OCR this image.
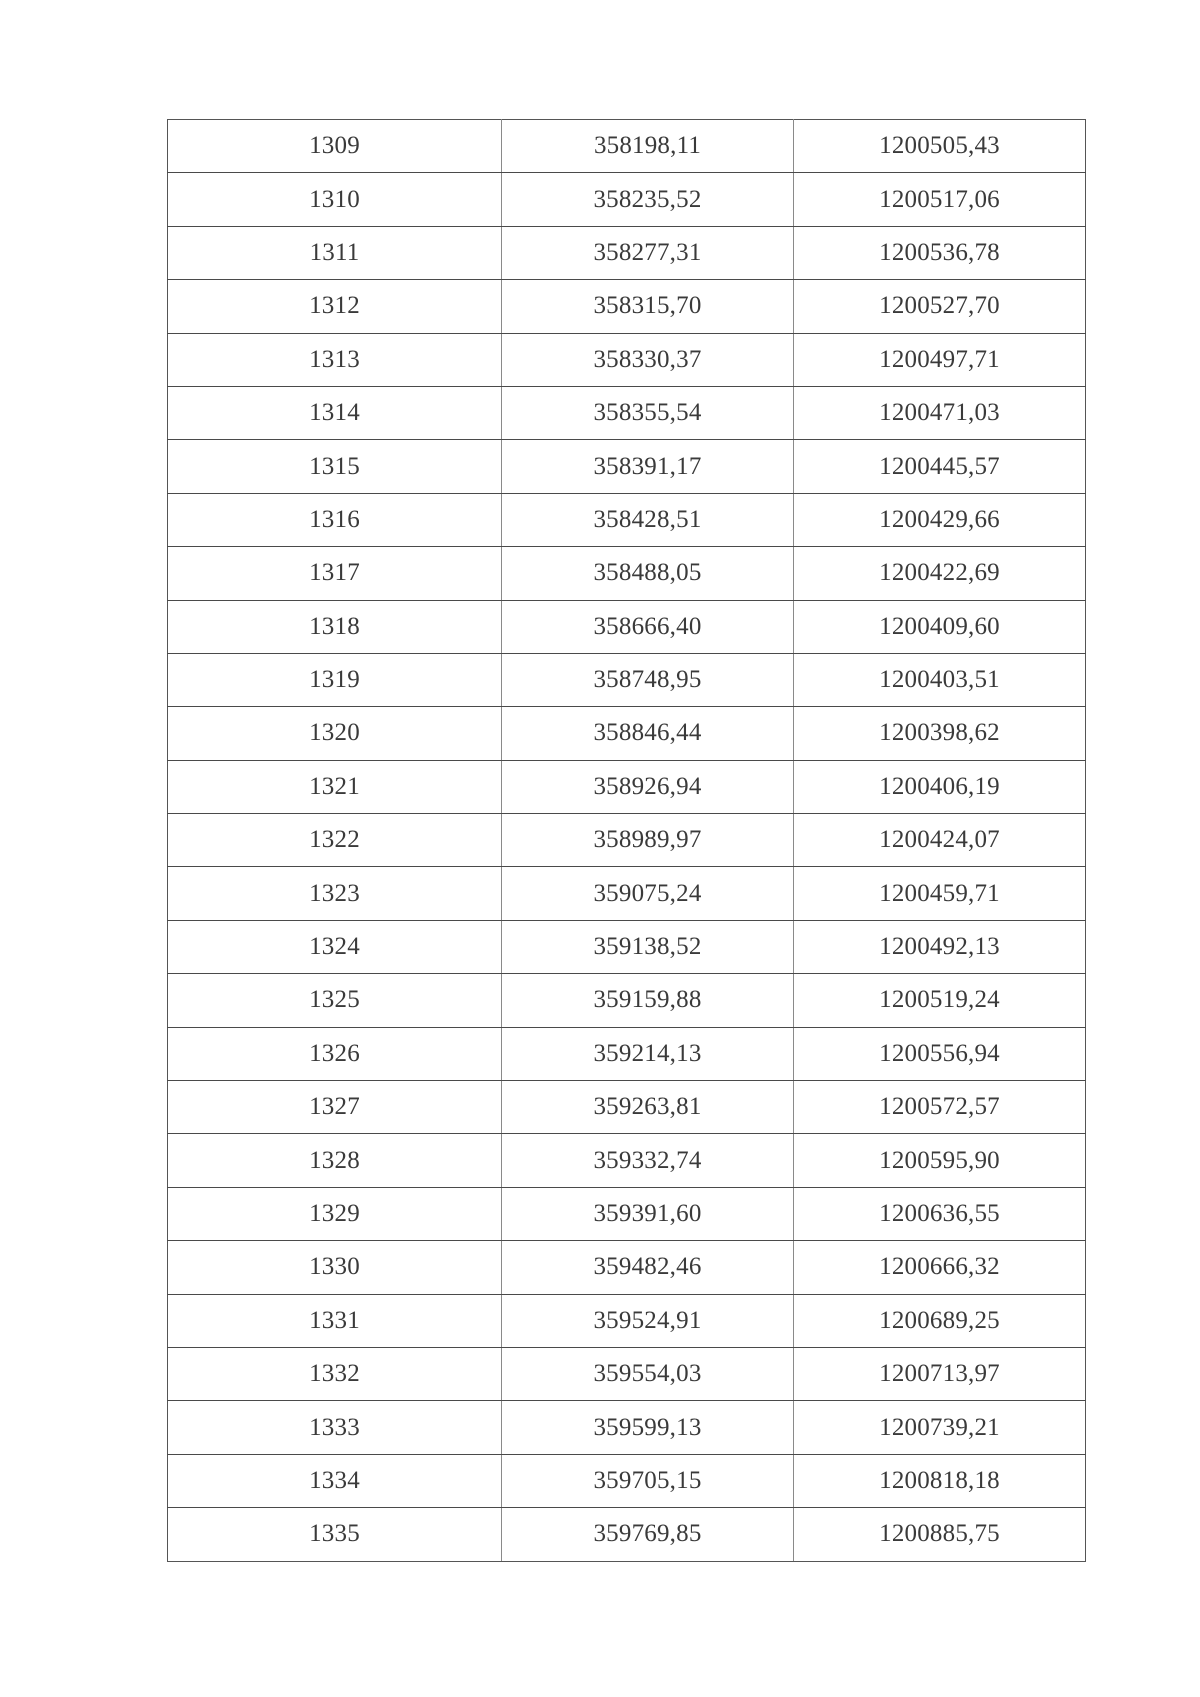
1309	358198,11	1200505,43
1310	358235,52	1200517,06
1311	358277,31	1200536,78
1312	358315,70	1200527,70
1313	358330,37	1200497,71
1314	358355,54	1200471,03
1315	358391,17	1200445,57
1316	358428,51	1200429,66
1317	358488,05	1200422,69
1318	358666,40	1200409,60
1319	358748,95	1200403,51
1320	358846,44	1200398,62
1321	358926,94	1200406,19
1322	358989,97	1200424,07
1323	359075,24	1200459,71
1324	359138,52	1200492,13
1325	359159,88	1200519,24
1326	359214,13	1200556,94
1327	359263,81	1200572,57
1328	359332,74	1200595,90
1329	359391,60	1200636,55
1330	359482,46	1200666,32
1331	359524,91	1200689,25
1332	359554,03	1200713,97
1333	359599,13	1200739,21
1334	359705,15	1200818,18
1335	359769,85	1200885,75
